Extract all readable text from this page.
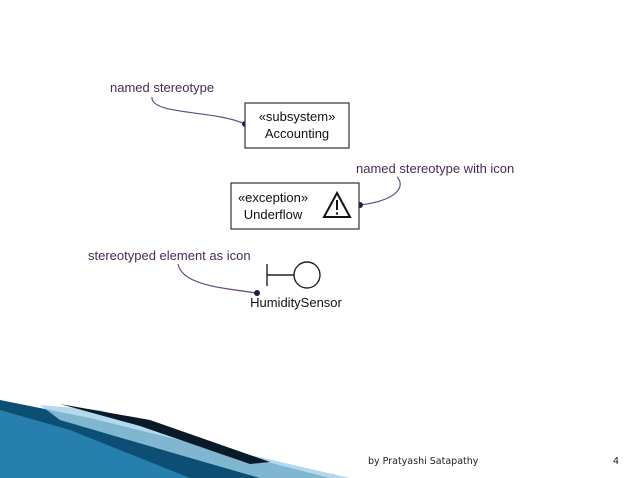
named stereotype
«subsystem»
Accounting
named stereotype with icon
«exception»
Underflow
stereotyped element as icon
HumiditySensor
by Pratyashi Satapathy	4
